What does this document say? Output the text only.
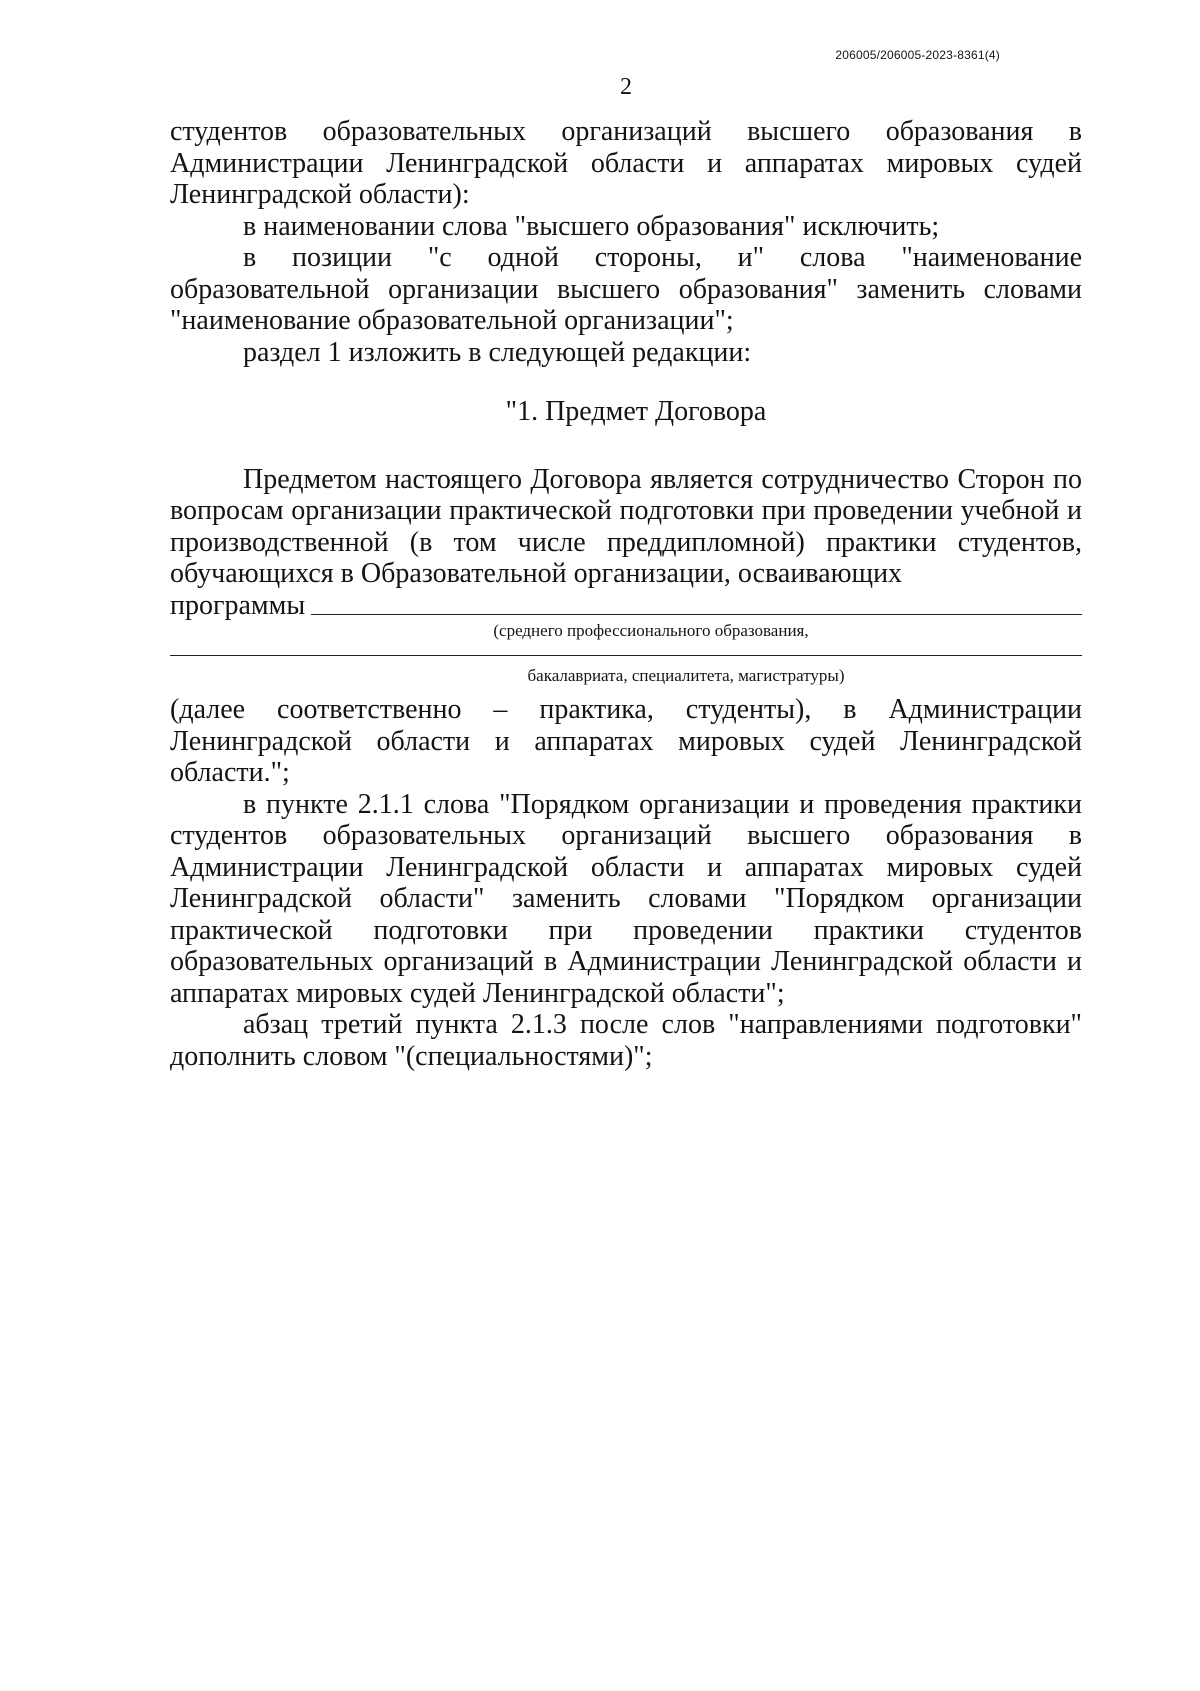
206005/206005-2023-8361(4)
2

студентов образовательных организаций высшего образования в Администрации Ленинградской области и аппаратах мировых судей Ленинградской области):

в наименовании слова "высшего образования" исключить;

в позиции "с одной стороны, и" слова "наименование образовательной организации высшего образования" заменить словами "наименование образовательной организации";

раздел 1 изложить в следующей редакции:

"1. Предмет Договора

Предметом настоящего Договора является сотрудничество Сторон по вопросам организации практической подготовки при проведении учебной и производственной (в том числе преддипломной) практики студентов, обучающихся в Образовательной организации, осваивающих

программы
(среднего профессионального образования,
бакалавриата, специалитета, магистратуры)

(далее соответственно – практика, студенты), в Администрации Ленинградской области и аппаратах мировых судей Ленинградской области.";

в пункте 2.1.1 слова "Порядком организации и проведения практики студентов образовательных организаций высшего образования в Администрации Ленинградской области и аппаратах мировых судей Ленинградской области" заменить словами "Порядком организации практической подготовки при проведении практики студентов образовательных организаций в Администрации Ленинградской области и аппаратах мировых судей Ленинградской области";

абзац третий пункта 2.1.3 после слов "направлениями подготовки" дополнить словом "(специальностями)";
